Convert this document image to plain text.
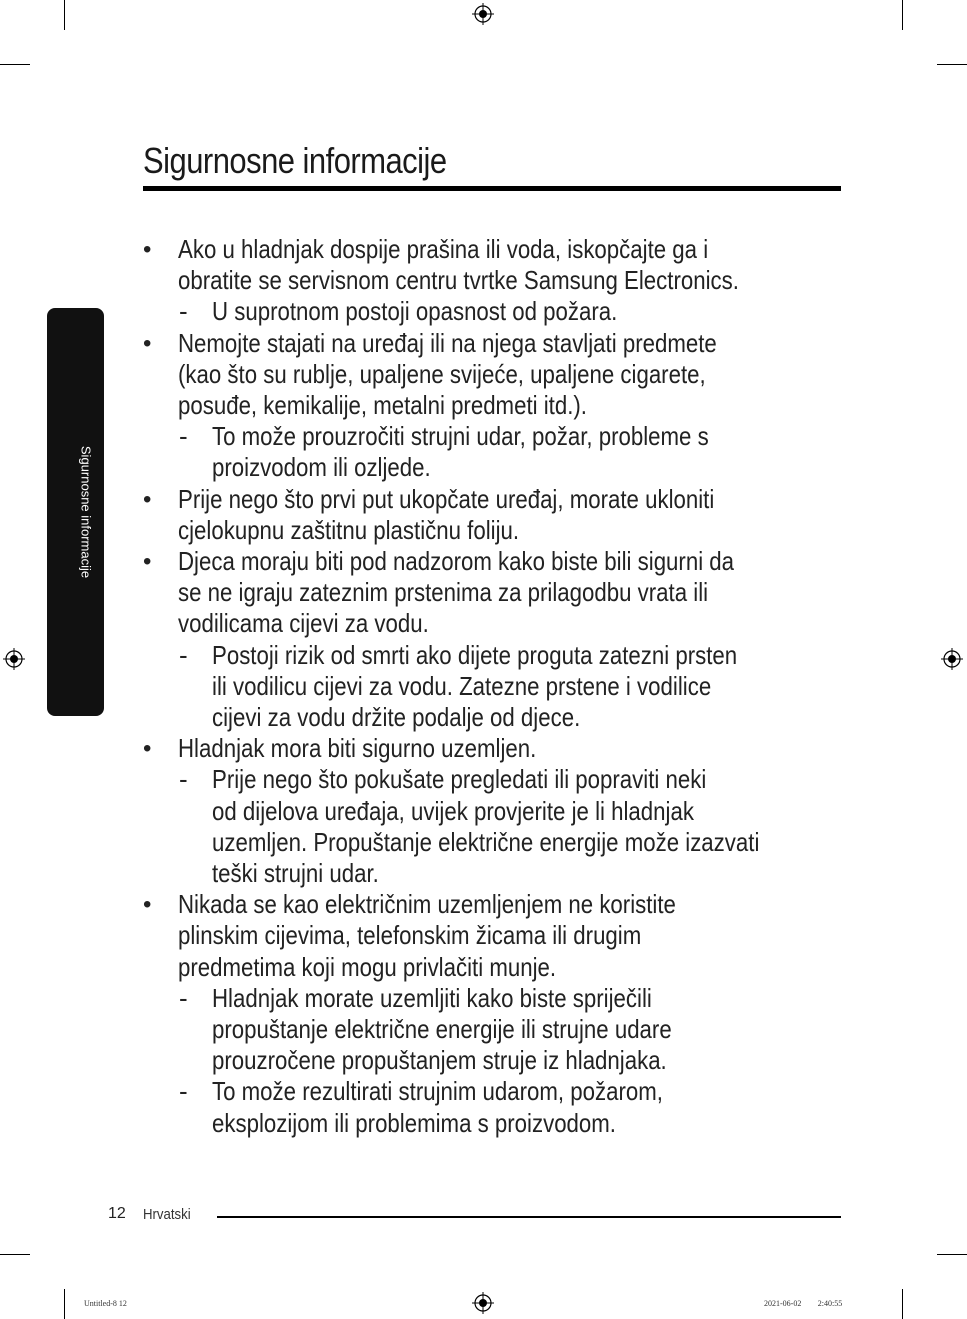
Sigurnosne informacije
Sigurnosne informacije
• Ako u hladnjak dospije prašina ili voda, iskopčajte ga i
obratite se servisnom centru tvrtke Samsung Electronics.
- U suprotnom postoji opasnost od požara.
• Nemojte stajati na uređaj ili na njega stavljati predmete
(kao što su rublje, upaljene svijeće, upaljene cigarete,
posuđe, kemikalije, metalni predmeti itd.).
- To može prouzročiti strujni udar, požar, probleme s
proizvodom ili ozljede.
• Prije nego što prvi put ukopčate uređaj, morate ukloniti
cjelokupnu zaštitnu plastičnu foliju.
• Djeca moraju biti pod nadzorom kako biste bili sigurni da
se ne igraju zateznim prstenima za prilagodbu vrata ili
vodilicama cijevi za vodu.
- Postoji rizik od smrti ako dijete proguta zatezni prsten
ili vodilicu cijevi za vodu. Zatezne prstene i vodilice
cijevi za vodu držite podalje od djece.
• Hladnjak mora biti sigurno uzemljen.
- Prije nego što pokušate pregledati ili popraviti neki
od dijelova uređaja, uvijek provjerite je li hladnjak
uzemljen. Propuštanje električne energije može izazvati
teški strujni udar.
• Nikada se kao električnim uzemljenjem ne koristite
plinskim cijevima, telefonskim žicama ili drugim
predmetima koji mogu privlačiti munje.
- Hladnjak morate uzemljiti kako biste spriječili
propuštanje električne energije ili strujne udare
prouzročene propuštanjem struje iz hladnjaka.
- To može rezultirati strujnim udarom, požarom,
eksplozijom ili problemima s proizvodom.
12 Hrvatski
Untitled-8 12	2021-06-02 ￿￿ 2:40:55
